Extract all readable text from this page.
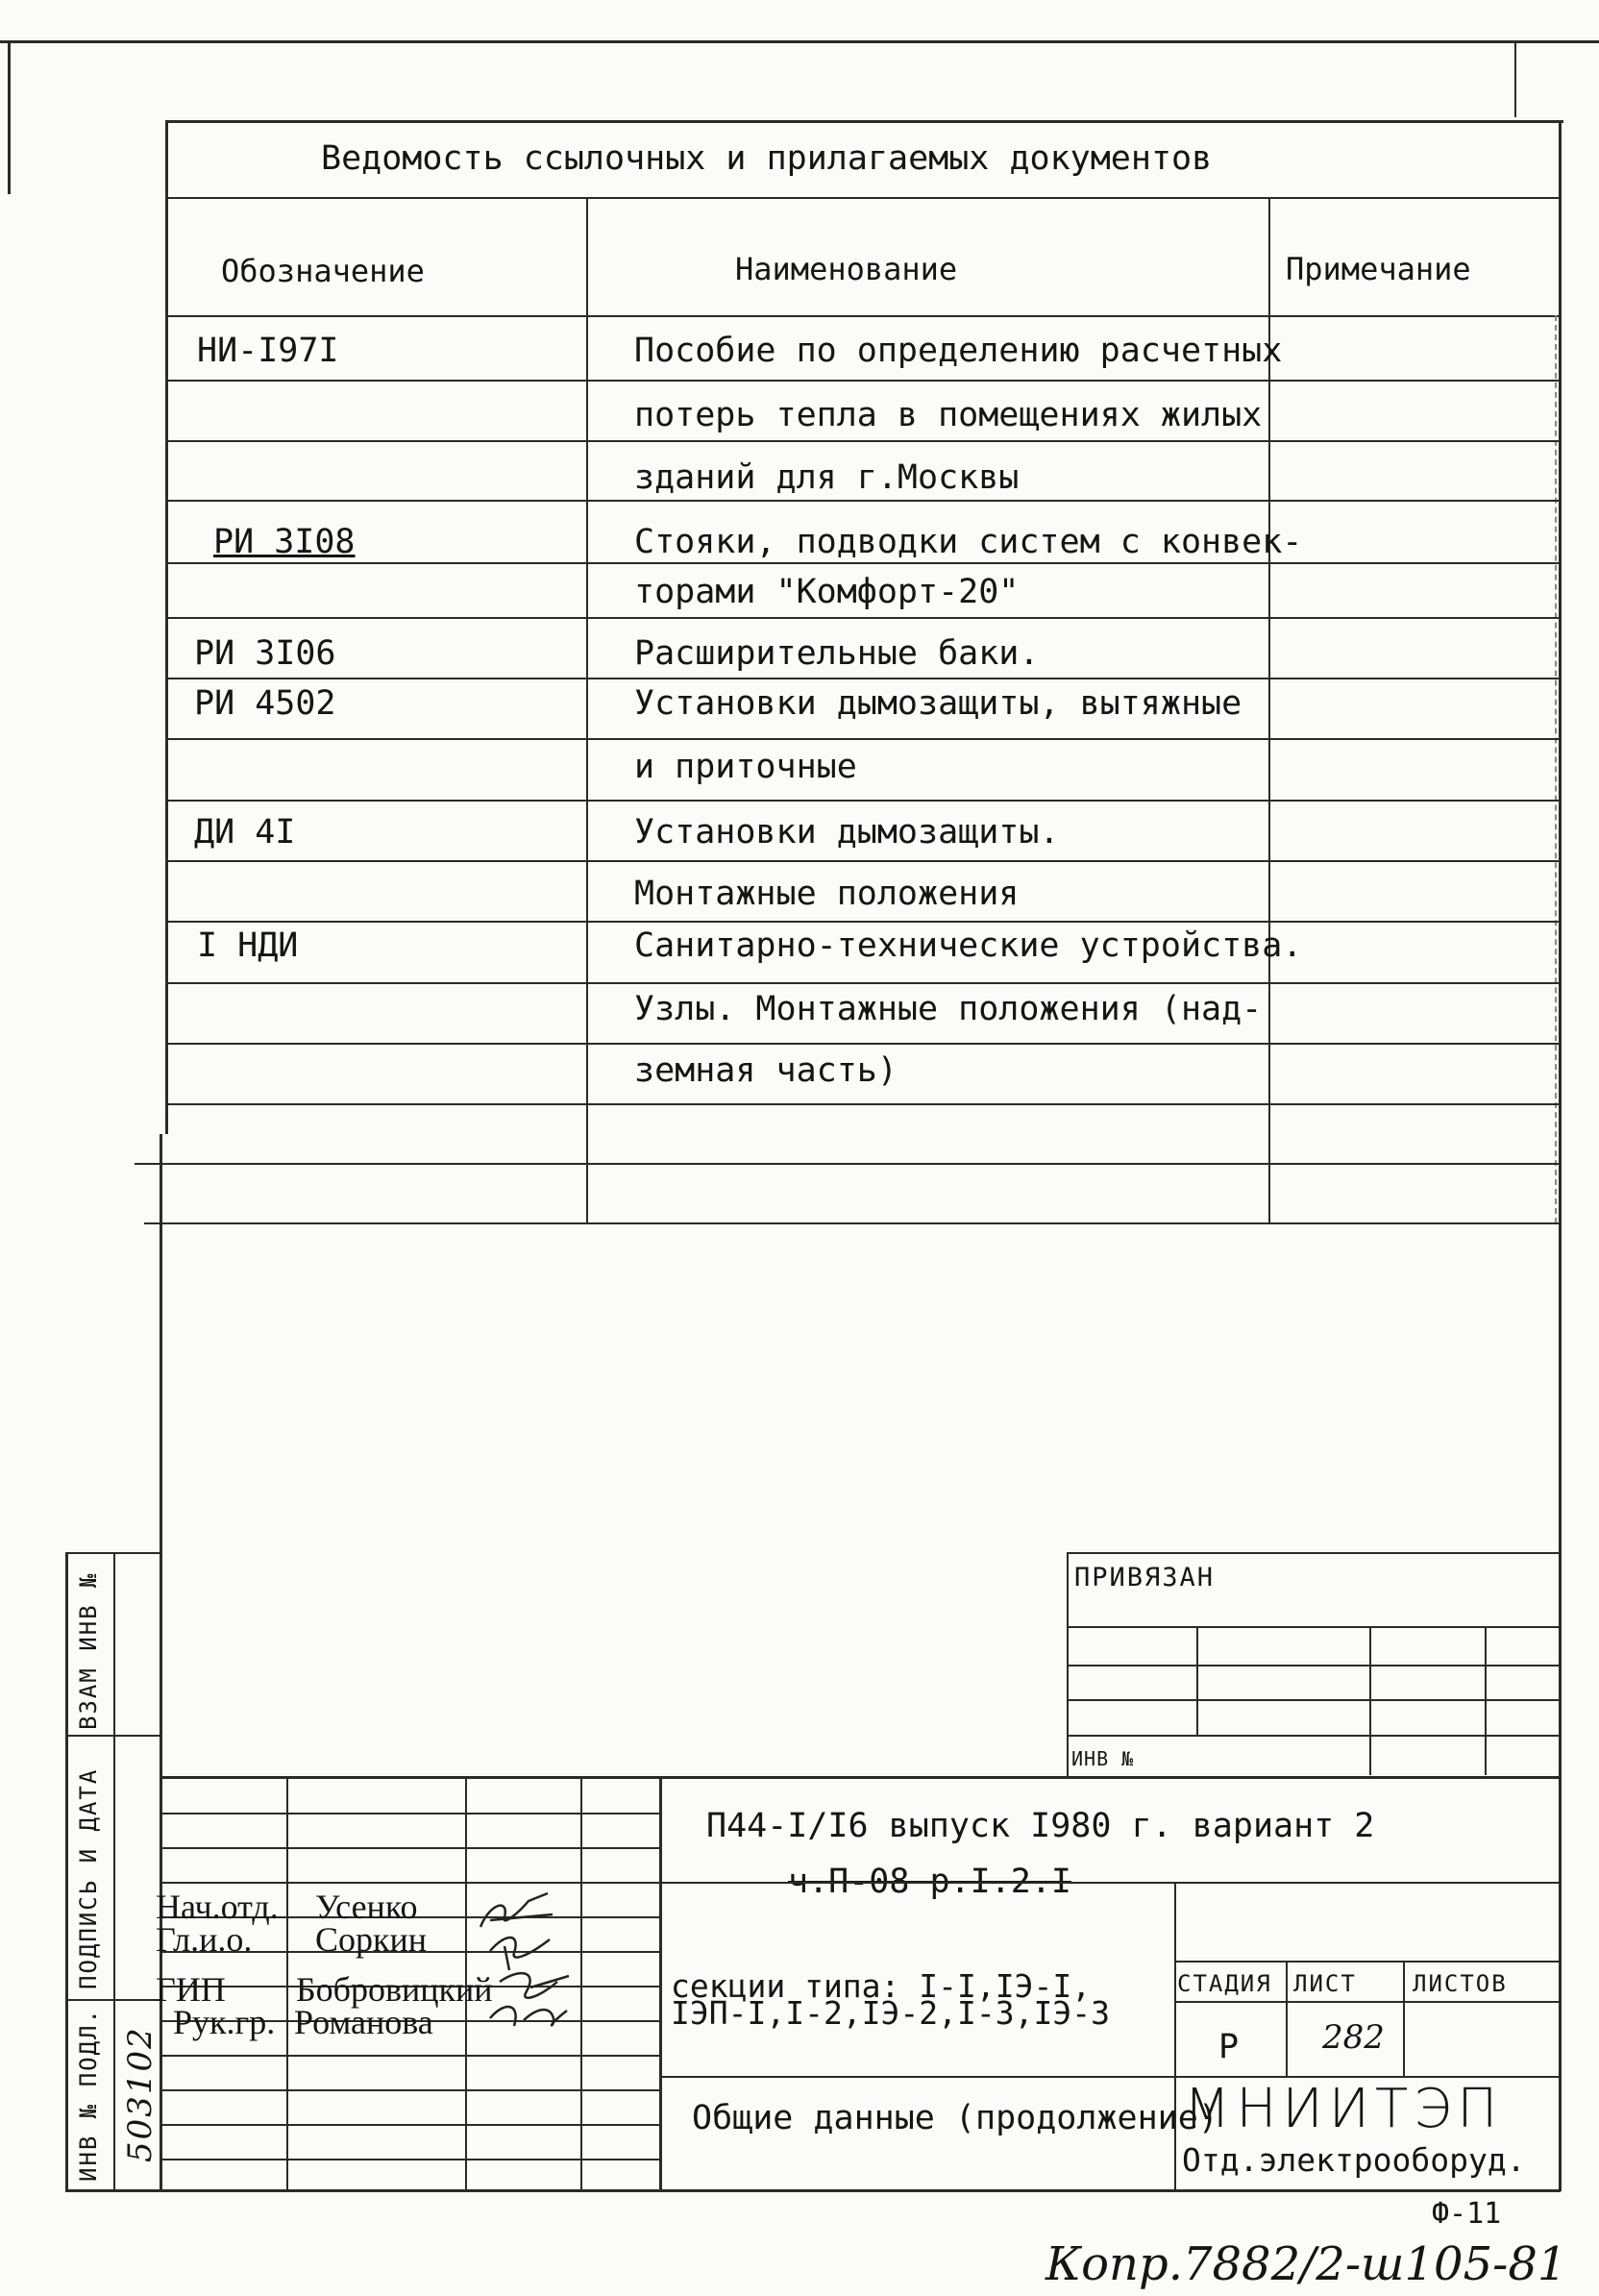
Ведомость ссылочных и прилагаемых документов
Обозначение	Наименование	Примечание
НИ-I97I	Пособие по определению расчетных
потерь тепла в помещениях жилых
зданий для г.Москвы
РИ 3I08	Стояки, подводки систем с конвек-
торами "Комфорт-20"
РИ 3I06	Расширительные баки.
РИ 4502	Установки дымозащиты, вытяжные
и приточные
ДИ 4I	Установки дымозащиты.
Монтажные положения
I НДИ	Санитарно-технические устройства.
Узлы. Монтажные положения (над-
земная часть)
ВЗАМ ИНВ №
ПОДПИСЬ И ДАТА
ИНВ № ПОДЛ. 503102
ПРИВЯЗАН
ИНВ №
Нач.отд. Усенко
Гл.и.о. Соркин
ГИП Бобровицкий
Рук.гр. Романова
П44-I/I6 выпуск I980 г. вариант 2
ч.П-08 р.I.2.I
секции типа: I-I,IЭ-I,
IЭП-I,I-2,IЭ-2,I-3,IЭ-3
Общие данные (продолжение)
СТАДИЯ ЛИСТ ЛИСТОВ
Р	282
МНИИТЭП
Отд.электрооборуд.
Ф-11
Копр.7882/2-ш105-81
